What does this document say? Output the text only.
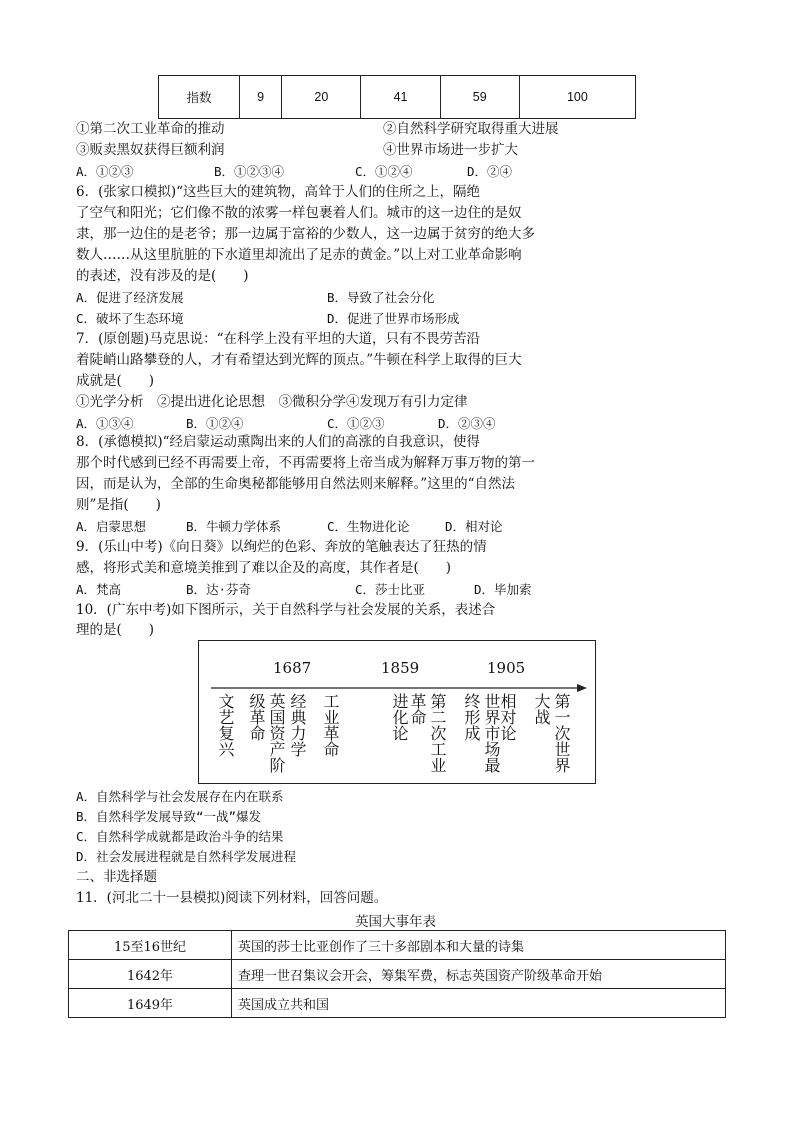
指数	9	20	41	59	100
①第二次工业革命的推动	②自然科学研究取得重大进展
③贩卖黑奴获得巨额利润	④世界市场进一步扩大
A．①②③	B．①②③④	C．①②④	D．②④
6．(张家口模拟)“这些巨大的建筑物，高耸于人们的住所之上，隔绝
了空气和阳光；它们像不散的浓雾一样包裹着人们。城市的这一边住的是奴
隶，那一边住的是老爷；那一边属于富裕的少数人，这一边属于贫穷的绝大多
数人……从这里肮脏的下水道里却流出了足赤的黄金。”以上对工业革命影响
的表述，没有涉及的是(　　)
A．促进了经济发展	B．导致了社会分化
C．破坏了生态环境	D．促进了世界市场形成
7．(原创题)马克思说：“在科学上没有平坦的大道，只有不畏劳苦沿
着陡峭山路攀登的人，才有希望达到光辉的顶点。”牛顿在科学上取得的巨大
成就是(　　)
①光学分析　②提出进化论思想　③微积分学④发现万有引力定律
A．①③④	B．①②④	C．①②③	D．②③④
8．(承德模拟)“经启蒙运动熏陶出来的人们的高涨的自我意识，使得
那个时代感到已经不再需要上帝，不再需要将上帝当成为解释万事万物的第一
因，而是认为，全部的生命奥秘都能够用自然法则来解释。”这里的“自然法
则”是指(　　)
A．启蒙思想	B．牛顿力学体系	C．生物进化论	D．相对论
9．(乐山中考)《向日葵》以绚烂的色彩、奔放的笔触表达了狂热的情
感，将形式美和意境美推到了难以企及的高度，其作者是(　　)
A．梵高	B．达·芬奇	C．莎士比亚	D．毕加索
10．(广东中考)如下图所示，关于自然科学与社会发展的关系，表述合
理的是(　　)
1687	1859	1905
文艺复兴	英国资产阶级革命	经典力学 工业革命	进化论	第二次工业革命	世界市场最终形成	相对论	第一次世界大战
A．自然科学与社会发展存在内在联系
B．自然科学发展导致“一战”爆发
C．自然科学成就都是政治斗争的结果
D．社会发展进程就是自然科学发展进程
二、非选择题
11．(河北二十一县模拟)阅读下列材料，回答问题。
英国大事年表
15至16世纪	英国的莎士比亚创作了三十多部剧本和大量的诗集
1642年	查理一世召集议会开会，筹集军费，标志英国资产阶级革命开始
1649年	英国成立共和国
